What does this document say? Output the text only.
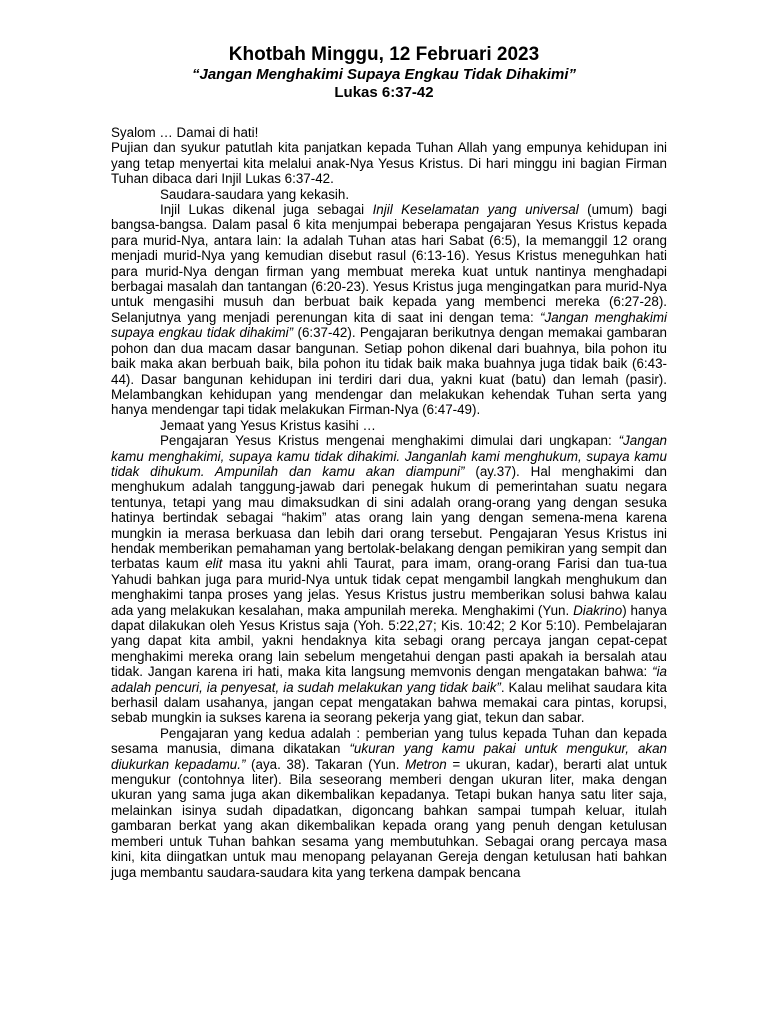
Khotbah Minggu, 12 Februari 2023

“Jangan Menghakimi Supaya Engkau Tidak Dihakimi”

Lukas 6:37-42

Syalom … Damai di hati!

Pujian dan syukur patutlah kita panjatkan kepada Tuhan Allah yang empunya kehidupan ini yang tetap menyertai kita melalui anak-Nya Yesus Kristus. Di hari minggu ini bagian Firman Tuhan dibaca dari Injil Lukas 6:37-42.

Saudara-saudara yang kekasih.

Injil Lukas dikenal juga sebagai Injil Keselamatan yang universal (umum) bagi bangsa-bangsa. Dalam pasal 6 kita menjumpai beberapa pengajaran Yesus Kristus kepada para murid-Nya, antara lain: Ia adalah Tuhan atas hari Sabat (6:5), Ia memanggil 12 orang menjadi murid-Nya yang kemudian disebut rasul (6:13-16). Yesus Kristus meneguhkan hati para murid-Nya dengan firman yang membuat mereka kuat untuk nantinya menghadapi berbagai masalah dan tantangan (6:20-23). Yesus Kristus juga mengingatkan para murid-Nya untuk mengasihi musuh dan berbuat baik kepada yang membenci mereka (6:27-28). Selanjutnya yang menjadi perenungan kita di saat ini dengan tema: “Jangan menghakimi supaya engkau tidak dihakimi” (6:37-42). Pengajaran berikutnya dengan memakai gambaran pohon dan dua macam dasar bangunan. Setiap pohon dikenal dari buahnya, bila pohon itu baik maka akan berbuah baik, bila pohon itu tidak baik maka buahnya juga tidak baik (6:43-44). Dasar bangunan kehidupan ini terdiri dari dua, yakni kuat (batu) dan lemah (pasir). Melambangkan kehidupan yang mendengar dan melakukan kehendak Tuhan serta yang hanya mendengar tapi tidak melakukan Firman-Nya (6:47-49).

Jemaat yang Yesus Kristus kasihi …

Pengajaran Yesus Kristus mengenai menghakimi dimulai dari ungkapan: “Jangan kamu menghakimi, supaya kamu tidak dihakimi. Janganlah kami menghukum, supaya kamu tidak dihukum. Ampunilah dan kamu akan diampuni” (ay.37). Hal menghakimi dan menghukum adalah tanggung-jawab dari penegak hukum di pemerintahan suatu negara tentunya, tetapi yang mau dimaksudkan di sini adalah orang-orang yang dengan sesuka hatinya bertindak sebagai “hakim” atas orang lain yang dengan semena-mena karena mungkin ia merasa berkuasa dan lebih dari orang tersebut. Pengajaran Yesus Kristus ini hendak memberikan pemahaman yang bertolak-belakang dengan pemikiran yang sempit dan terbatas kaum elit masa itu yakni ahli Taurat, para imam, orang-orang Farisi dan tua-tua Yahudi bahkan juga para murid-Nya untuk tidak cepat mengambil langkah menghukum dan menghakimi tanpa proses yang jelas. Yesus Kristus justru memberikan solusi bahwa kalau ada yang melakukan kesalahan, maka ampunilah mereka. Menghakimi (Yun. Diakrino) hanya dapat dilakukan oleh Yesus Kristus saja (Yoh. 5:22,27; Kis. 10:42; 2 Kor 5:10). Pembelajaran yang dapat kita ambil, yakni hendaknya kita sebagi orang percaya jangan cepat-cepat menghakimi mereka orang lain sebelum mengetahui dengan pasti apakah ia bersalah atau tidak. Jangan karena iri hati, maka kita langsung memvonis dengan mengatakan bahwa: “ia adalah pencuri, ia penyesat, ia sudah melakukan yang tidak baik”. Kalau melihat saudara kita berhasil dalam usahanya, jangan cepat mengatakan bahwa memakai cara pintas, korupsi, sebab mungkin ia sukses karena ia seorang pekerja yang giat, tekun dan sabar.

Pengajaran yang kedua adalah : pemberian yang tulus kepada Tuhan dan kepada sesama manusia, dimana dikatakan “ukuran yang kamu pakai untuk mengukur, akan diukurkan kepadamu.” (aya. 38). Takaran (Yun. Metron = ukuran, kadar), berarti alat untuk mengukur (contohnya liter). Bila seseorang memberi dengan ukuran liter, maka dengan ukuran yang sama juga akan dikembalikan kepadanya. Tetapi bukan hanya satu liter saja, melainkan isinya sudah dipadatkan, digoncang bahkan sampai tumpah keluar, itulah gambaran berkat yang akan dikembalikan kepada orang yang penuh dengan ketulusan memberi untuk Tuhan bahkan sesama yang membutuhkan. Sebagai orang percaya masa kini, kita diingatkan untuk mau menopang pelayanan Gereja dengan ketulusan hati bahkan juga membantu saudara-saudara kita yang terkena dampak bencana
